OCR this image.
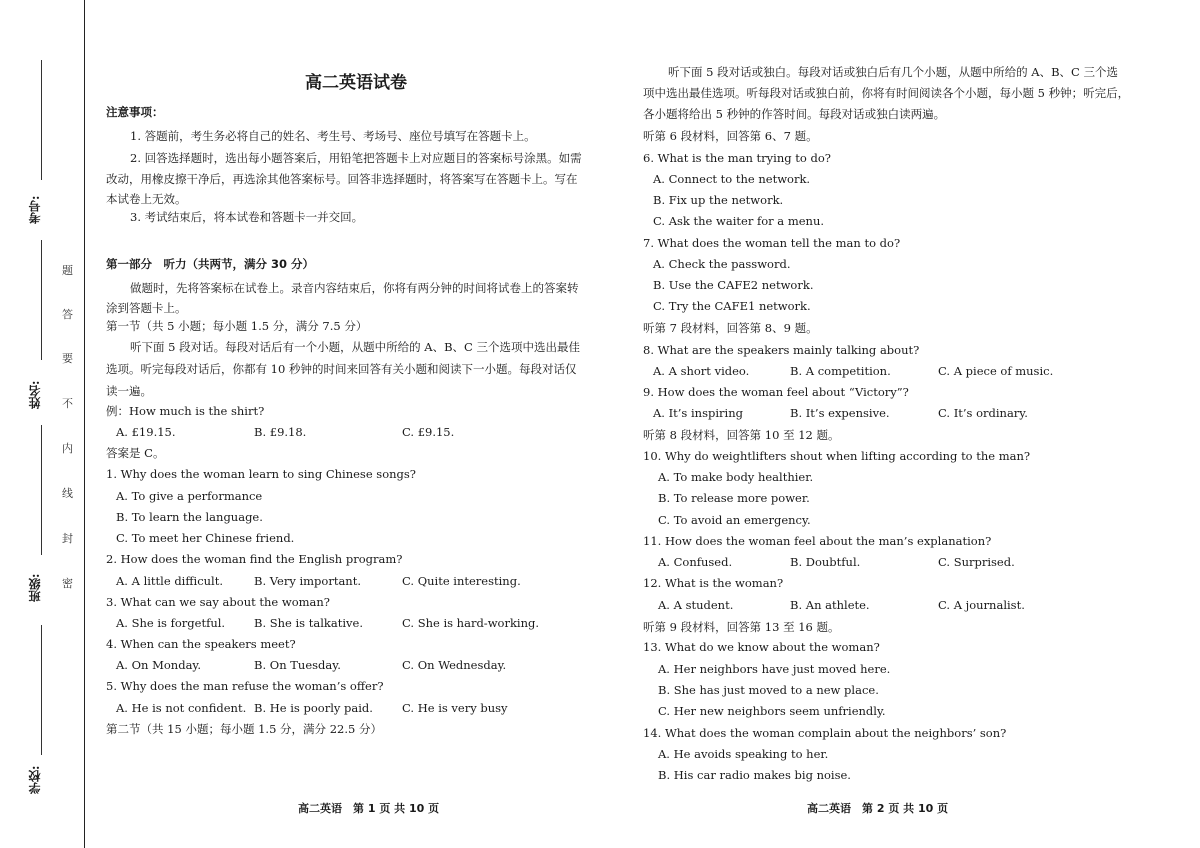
考号:
姓名:
班级:
学校:
题
答
要
不
内
线
封
密
高二英语试卷
注意事项：
1. 答题前，考生务必将自己的姓名、考生号、考场号、座位号填写在答题卡上。
2. 回答选择题时，选出每小题答案后，用铅笔把答题卡上对应题目的答案标号涂黑。如需
改动，用橡皮擦干净后，再选涂其他答案标号。回答非选择题时，将答案写在答题卡上。写在
本试卷上无效。
3. 考试结束后，将本试卷和答题卡一并交回。
第一部分　听力（共两节，满分 30 分）
做题时，先将答案标在试卷上。录音内容结束后，你将有两分钟的时间将试卷上的答案转
涂到答题卡上。
第一节（共 5 小题；每小题 1.5 分，满分 7.5 分）
听下面 5 段对话。每段对话后有一个小题，从题中所给的 A、B、C 三个选项中选出最佳
选项。听完每段对话后，你都有 10 秒钟的时间来回答有关小题和阅读下一小题。每段对话仅
读一遍。
例：How much is the shirt?
A. £19.15.	B. £9.18.	C. £9.15.
答案是 C。
1. Why does the woman learn to sing Chinese songs?
A. To give a performance
B. To learn the language.
C. To meet her Chinese friend.
2. How does the woman find the English program?
A. A little difficult.	B. Very important.	C. Quite interesting.
3. What can we say about the woman?
A. She is forgetful.	B. She is talkative.	C. She is hard-working.
4. When can the speakers meet?
A. On Monday.	B. On Tuesday.	C. On Wednesday.
5. Why does the man refuse the woman’s offer?
A. He is not confident. B. He is poorly paid.	C. He is very busy
第二节（共 15 小题；每小题 1.5 分，满分 22.5 分）
高二英语　第 1 页 共 10 页
听下面 5 段对话或独白。每段对话或独白后有几个小题，从题中所给的 A、B、C 三个选
项中选出最佳选项。听每段对话或独白前，你将有时间阅读各个小题，每小题 5 秒钟；听完后，
各小题将给出 5 秒钟的作答时间。每段对话或独白读两遍。
听第 6 段材料，回答第 6、7 题。
6. What is the man trying to do?
A. Connect to the network.
B. Fix up the network.
C. Ask the waiter for a menu.
7. What does the woman tell the man to do?
A. Check the password.
B. Use the CAFE2 network.
C. Try the CAFE1 network.
听第 7 段材料，回答第 8、9 题。
8. What are the speakers mainly talking about?
A. A short video.	B. A competition.	C. A piece of music.
9. How does the woman feel about “Victory”?
A. It’s inspiring	B. It’s expensive.	C. It’s ordinary.
听第 8 段材料，回答第 10 至 12 题。
10. Why do weightlifters shout when lifting according to the man?
A. To make body healthier.
B. To release more power.
C. To avoid an emergency.
11. How does the woman feel about the man’s explanation?
A. Confused.	B. Doubtful.	C. Surprised.
12. What is the woman?
A. A student.	B. An athlete.	C. A journalist.
听第 9 段材料，回答第 13 至 16 题。
13. What do we know about the woman?
A. Her neighbors have just moved here.
B. She has just moved to a new place.
C. Her new neighbors seem unfriendly.
14. What does the woman complain about the neighbors’ son?
A. He avoids speaking to her.
B. His car radio makes big noise.
高二英语　第 2 页 共 10 页
